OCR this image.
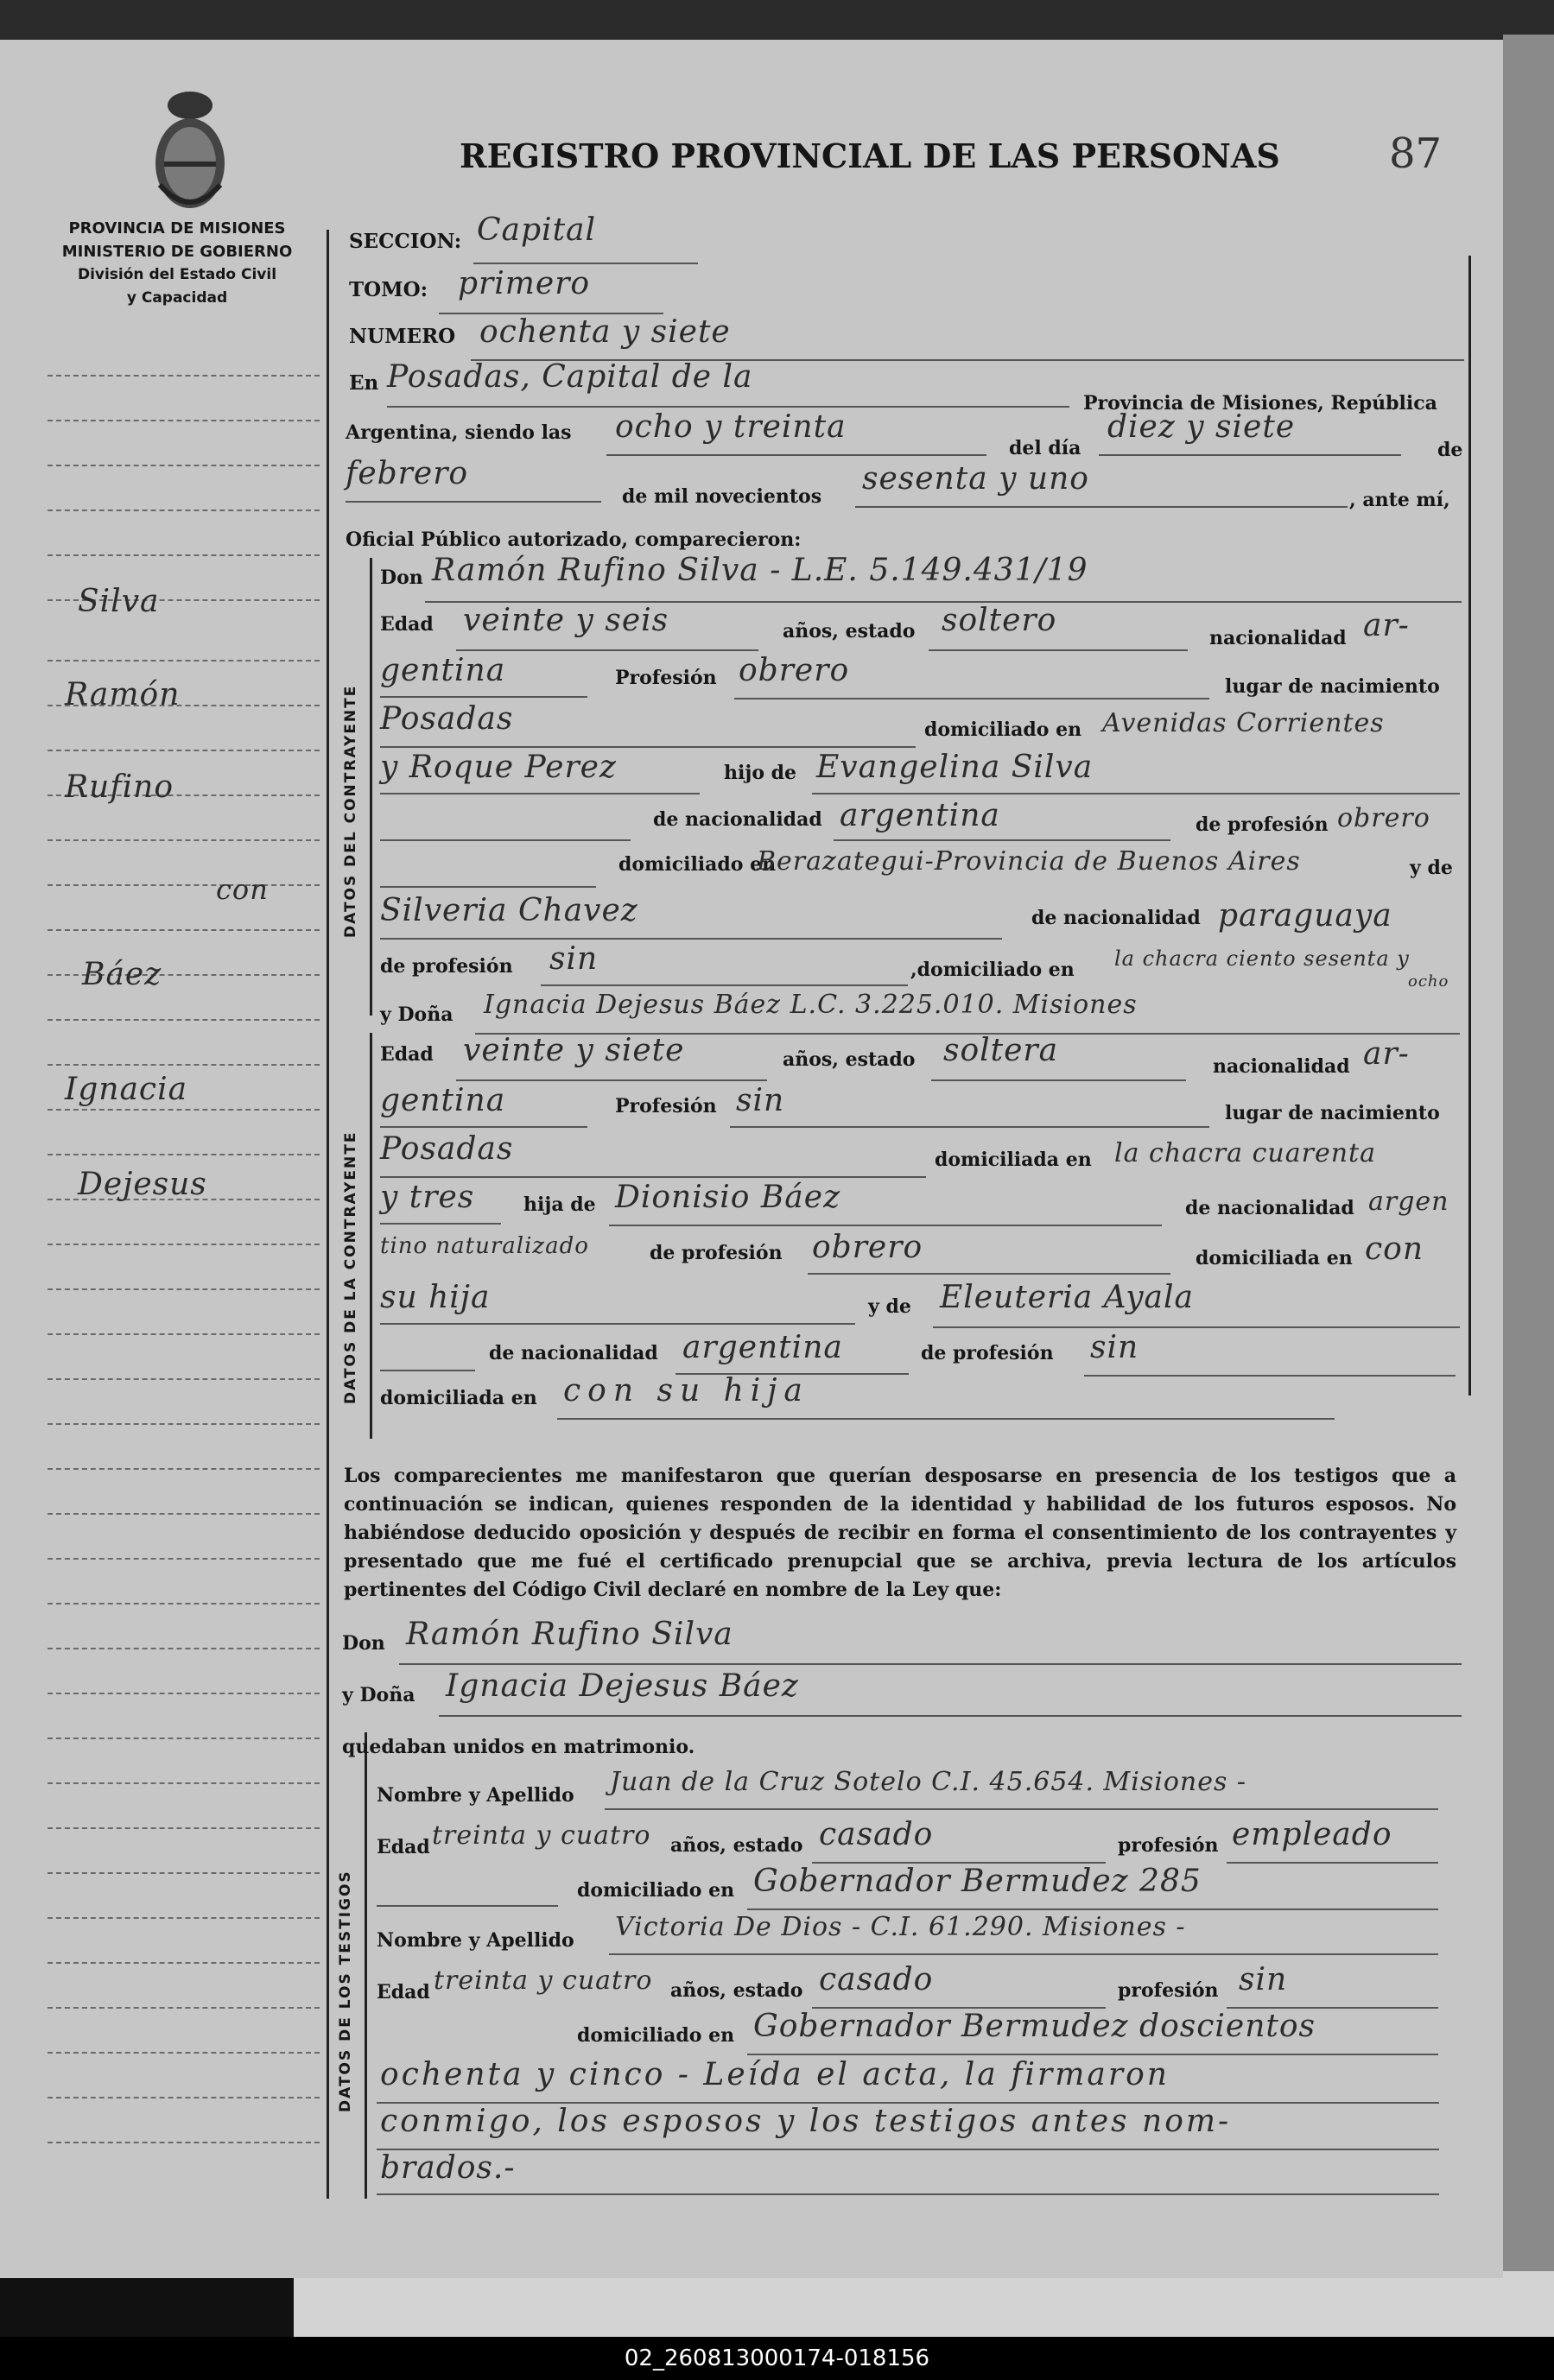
REGISTRO PROVINCIAL DE LAS PERSONAS	87
PROVINCIA DE MISIONES
MINISTERIO DE GOBIERNO
División del Estado Civil
y Capacidad
Silva
Ramón
Rufino
con
Báez
Ignacia
Dejesus
SECCION: Capital
TOMO: primero
NUMERO ochenta y siete
En Posadas, Capital de la
Provincia de Misiones, República
Argentina, siendo las ocho y treinta
del día
diez y siete
de
febrero
de mil novecientos sesenta y uno
, ante mí,
Oficial Público autorizado, comparecieron:
DATOS DEL CONTRAYENTE
Don Ramón Rufino Silva - L.E. 5.149.431/19
Edad veinte y seis	años, estado soltero	nacionalidad ar-
gentina	Profesión obrero	lugar de nacimiento
Posadas	domiciliado en Avenidas Corrientes
y Roque Perez	hijo de Evangelina Silva
de nacionalidad argentina	de profesión obrero
domiciliado en
Berazategui-Provincia de Buenos Aires	y de
Silveria Chavez	de nacionalidad paraguaya
de profesión sin	,domiciliado en la chacra ciento sesenta y
ocho
DATOS DE LA CONTRAYENTE
y Doña Ignacia Dejesus Báez L.C. 3.225.010. Misiones
Edad veinte y siete	años, estado soltera	nacionalidad ar-
gentina	Profesión sin	lugar de nacimiento
Posadas	domiciliada en la chacra cuarenta
y tres	hija de Dionisio Báez	de nacionalidad argen
tino naturalizado	de profesión obrero	domiciliada en con
su hija	y de Eleuteria Ayala
de nacionalidad argentina	de profesión sin
domiciliada en con su hija
Los comparecientes me manifestaron que querían desposarse en presencia de los testigos que a continuación se indican, quienes responden de la identidad y habilidad de los futuros esposos. No habiéndose deducido oposición y después de recibir en forma el consentimiento de los contrayentes y presentado que me fué el certificado prenupcial que se archiva, previa lectura de los artículos pertinentes del Código Civil declaré en nombre de la Ley que:
Don Ramón Rufino Silva
y Doña Ignacia Dejesus Báez
quedaban unidos en matrimonio.
DATOS DE LOS TESTIGOS
Nombre y Apellido Juan de la Cruz Sotelo C.I. 45.654. Misiones -
Edad treinta y cuatro años, estado casado	profesión empleado
domiciliado en Gobernador Bermudez 285
Nombre y Apellido Victoria De Dios - C.I. 61.290. Misiones -
Edad treinta y cuatro años, estado casado	profesión sin
domiciliado en Gobernador Bermudez doscientos
ochenta y cinco - Leída el acta, la firmaron
conmigo, los esposos y los testigos antes nom-
brados.-
02_260813000174-018156
